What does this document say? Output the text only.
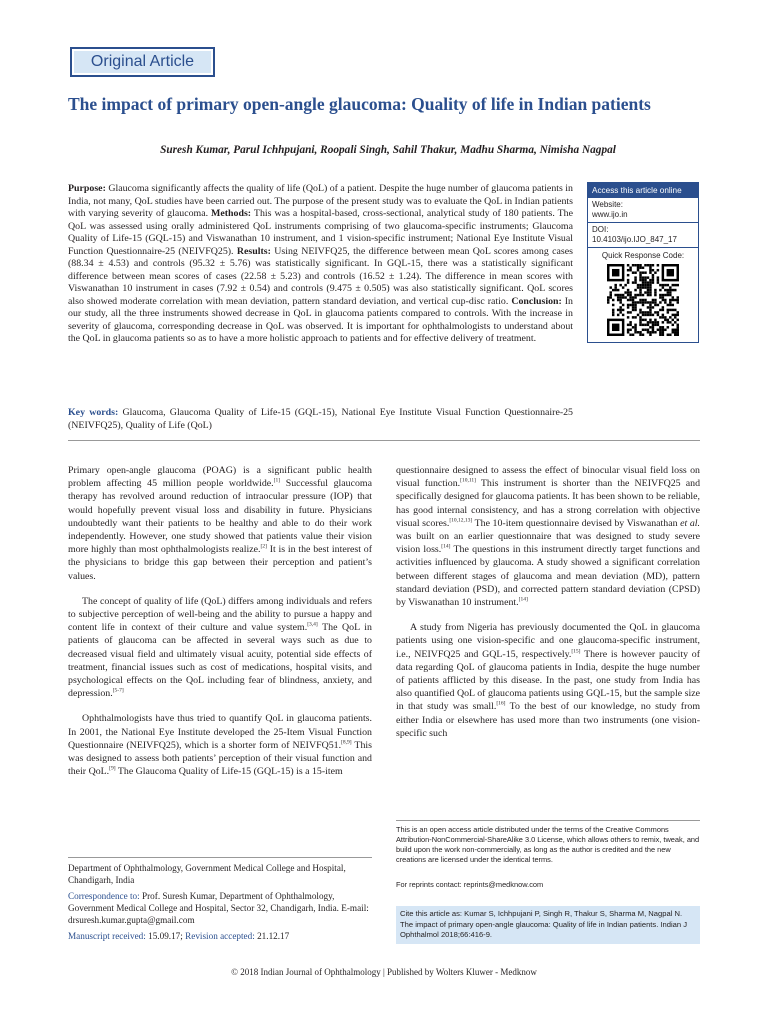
Original Article
The impact of primary open-angle glaucoma: Quality of life in Indian patients
Suresh Kumar, Parul Ichhpujani, Roopali Singh, Sahil Thakur, Madhu Sharma, Nimisha Nagpal
Purpose: Glaucoma significantly affects the quality of life (QoL) of a patient. Despite the huge number of glaucoma patients in India, not many, QoL studies have been carried out. The purpose of the present study was to evaluate the QoL in Indian patients with varying severity of glaucoma. Methods: This was a hospital-based, cross-sectional, analytical study of 180 patients. The QoL was assessed using orally administered QoL instruments comprising of two glaucoma-specific instruments; Glaucoma Quality of Life-15 (GQL-15) and Viswanathan 10 instrument, and 1 vision-specific instrument; National Eye Institute Visual Function Questionnaire-25 (NEIVFQ25). Results: Using NEIVFQ25, the difference between mean QoL scores among cases (88.34 ± 4.53) and controls (95.32 ± 5.76) was statistically significant. In GQL-15, there was a statistically significant difference between mean scores of cases (22.58 ± 5.23) and controls (16.52 ± 1.24). The difference in mean scores with Viswanathan 10 instrument in cases (7.92 ± 0.54) and controls (9.475 ± 0.505) was also statistically significant. QoL scores also showed moderate correlation with mean deviation, pattern standard deviation, and vertical cup-disc ratio. Conclusion: In our study, all the three instruments showed decrease in QoL in glaucoma patients compared to controls. With the increase in severity of glaucoma, corresponding decrease in QoL was observed. It is important for ophthalmologists to understand about the QoL in glaucoma patients so as to have a more holistic approach to patients and for effective delivery of treatment.
Key words: Glaucoma, Glaucoma Quality of Life-15 (GQL-15), National Eye Institute Visual Function Questionnaire-25 (NEIVFQ25), Quality of Life (QoL)
Access this article online
Website:
www.ijo.in
DOI:
10.4103/ijo.IJO_847_17
Quick Response Code:

Primary open-angle glaucoma (POAG) is a significant public health problem affecting 45 million people worldwide.[1] Successful glaucoma therapy has revolved around reduction of intraocular pressure (IOP) that would hopefully prevent visual loss and disability in future. Physicians undoubtedly want their patients to be healthy and able to do their work independently. However, one study showed that patients value their vision more highly than most ophthalmologists realize.[2] It is in the best interest of the physicians to bridge this gap between their perception and patient’s values.

The concept of quality of life (QoL) differs among individuals and refers to subjective perception of well-being and the ability to pursue a happy and content life in context of their culture and value system.[3,4] The QoL in patients of glaucoma can be affected in several ways such as due to decreased visual field and ultimately visual acuity, potential side effects of treatment, financial issues such as cost of medications, hospital visits, and psychological effects on the QoL including fear of blindness, anxiety, and depression.[5-7]

Ophthalmologists have thus tried to quantify QoL in glaucoma patients. In 2001, the National Eye Institute developed the 25-Item Visual Function Questionnaire (NEIVFQ25), which is a shorter form of NEIVFQ51.[8,9] This was designed to assess both patients’ perception of their visual function and their QoL.[9] The Glaucoma Quality of Life-15 (GQL-15) is a 15-item

questionnaire designed to assess the effect of binocular visual field loss on visual function.[10,11] This instrument is shorter than the NEIVFQ25 and specifically designed for glaucoma patients. It has been shown to be reliable, has good internal consistency, and has a strong correlation with objective visual scores.[10,12,13] The 10-item questionnaire devised by Viswanathan et al. was built on an earlier questionnaire that was designed to study severe vision loss.[14] The questions in this instrument directly target functions and activities influenced by glaucoma. A study showed a significant correlation between different stages of glaucoma and mean deviation (MD), pattern standard deviation (PSD), and corrected pattern standard deviation (CPSD) by Viswanathan 10 instrument.[14]

A study from Nigeria has previously documented the QoL in glaucoma patients using one vision-specific and one glaucoma-specific instrument, i.e., NEIVFQ25 and GQL-15, respectively.[15] There is however paucity of data regarding QoL of glaucoma patients in India, despite the huge number of patients afflicted by this disease. In the past, one study from India has also quantified QoL of glaucoma patients using GQL-15, but the sample size in that study was small.[16] To the best of our knowledge, no study from either India or elsewhere has used more than two instruments (one vision-specific such

Department of Ophthalmology, Government Medical College and Hospital, Chandigarh, India
Correspondence to: Prof. Suresh Kumar, Department of Ophthalmology, Government Medical College and Hospital, Sector 32, Chandigarh, India. E-mail: drsuresh.kumar.gupta@gmail.com
Manuscript received: 15.09.17; Revision accepted: 21.12.17
This is an open access article distributed under the terms of the Creative Commons Attribution-NonCommercial-ShareAlike 3.0 License, which allows others to remix, tweak, and build upon the work non-commercially, as long as the author is credited and the new creations are licensed under the identical terms.
For reprints contact: reprints@medknow.com
Cite this article as: Kumar S, Ichhpujani P, Singh R, Thakur S, Sharma M, Nagpal N. The impact of primary open-angle glaucoma: Quality of life in Indian patients. Indian J Ophthalmol 2018;66:416-9.
© 2018 Indian Journal of Ophthalmology | Published by Wolters Kluwer - Medknow
